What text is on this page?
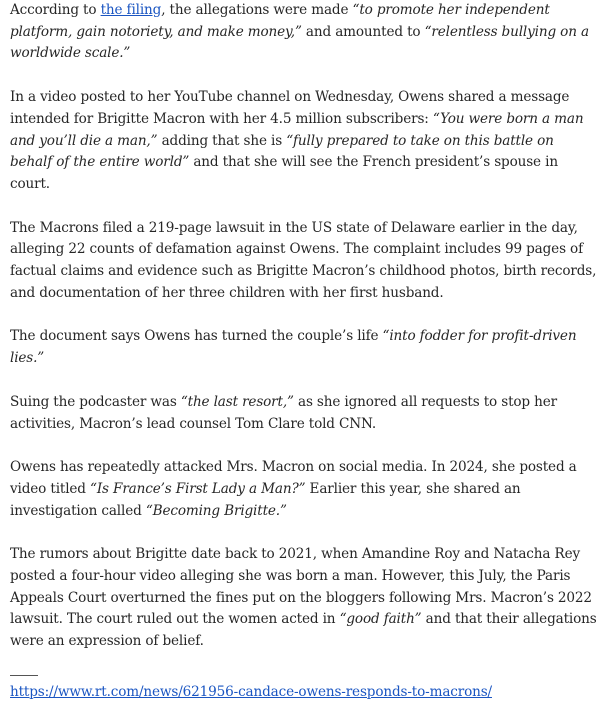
According to the filing, the allegations were made “to promote her independent platform, gain notoriety, and make money,” and amounted to “relentless bullying on a worldwide scale.”

In a video posted to her YouTube channel on Wednesday, Owens shared a message intended for Brigitte Macron with her 4.5 million subscribers: “You were born a man and you’ll die a man,” adding that she is “fully prepared to take on this battle on behalf of the entire world” and that she will see the French president’s spouse in court.

The Macrons filed a 219-page lawsuit in the US state of Delaware earlier in the day, alleging 22 counts of defamation against Owens. The complaint includes 99 pages of factual claims and evidence such as Brigitte Macron’s childhood photos, birth records, and documentation of her three children with her first husband.

The document says Owens has turned the couple’s life “into fodder for profit-driven lies.”

Suing the podcaster was “the last resort,” as she ignored all requests to stop her activities, Macron’s lead counsel Tom Clare told CNN.

Owens has repeatedly attacked Mrs. Macron on social media. In 2024, she posted a video titled “Is France’s First Lady a Man?” Earlier this year, she shared an investigation called “Becoming Brigitte.”

The rumors about Brigitte date back to 2021, when Amandine Roy and Natacha Rey posted a four-hour video alleging she was born a man. However, this July, the Paris Appeals Court overturned the fines put on the bloggers following Mrs. Macron’s 2022 lawsuit. The court ruled out the women acted in “good faith” and that their allegations were an expression of belief.

https://www.rt.com/news/621956-candace-owens-responds-to-macrons/
